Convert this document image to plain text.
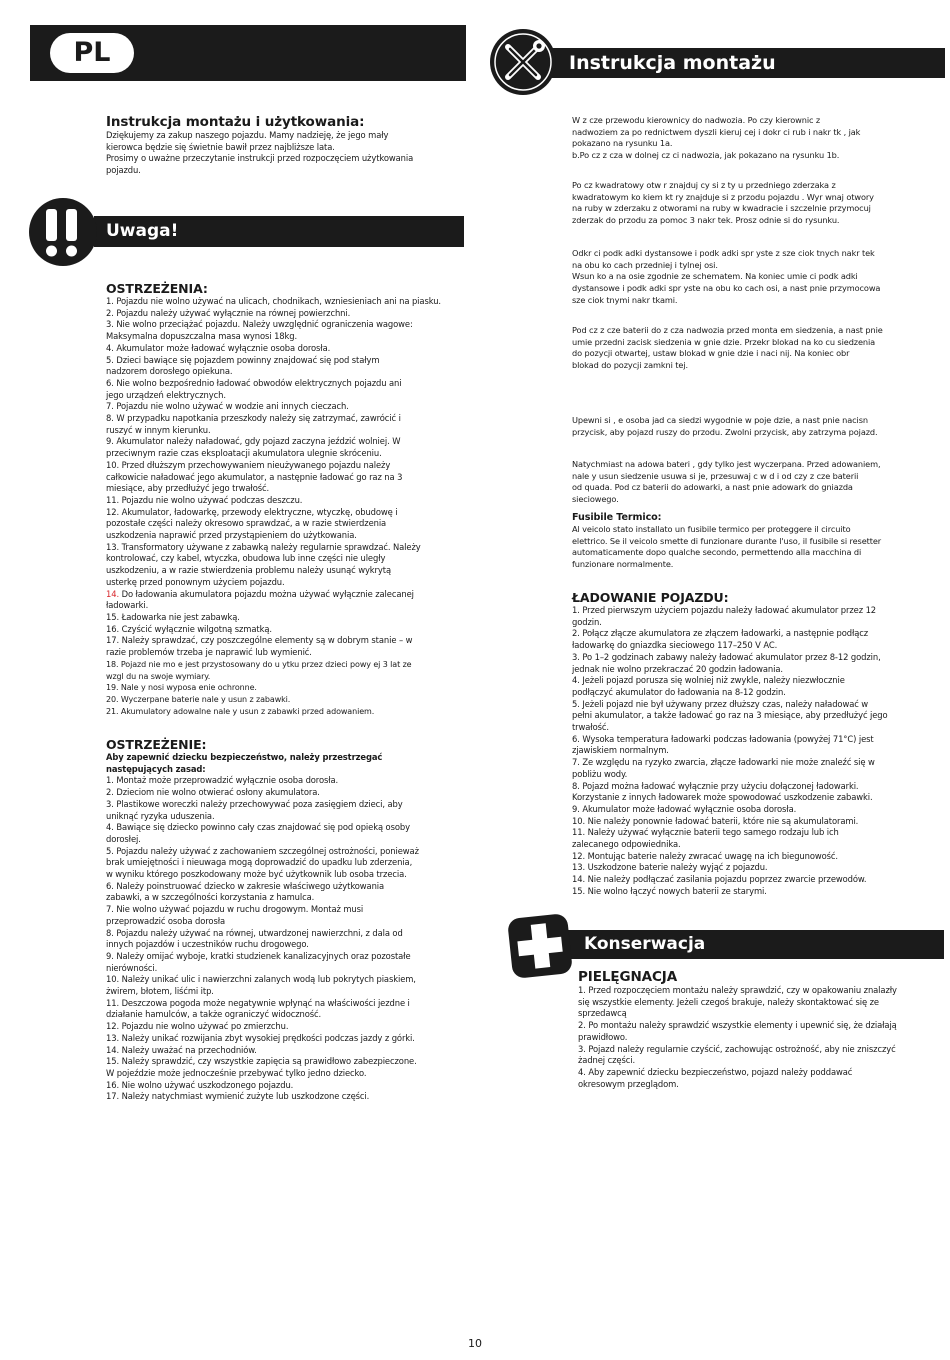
PL	Instrukcja montażu

Instrukcja montażu i użytkowania:

Dziękujemy za zakup naszego pojazdu. Mamy nadzieję, że jego mały

kierowca będzie się świetnie bawił przez najbliższe lata.

Prosimy o uważne przeczytanie instrukcji przed rozpoczęciem użytkowania

pojazdu.

Uwaga!

OSTRZEŻENIA:

1. Pojazdu nie wolno używać na ulicach, chodnikach, wzniesieniach ani na piasku.

2. Pojazdu należy używać wyłącznie na równej powierzchni.

3. Nie wolno przeciążać pojazdu. Należy uwzględnić ograniczenia wagowe:

Maksymalna dopuszczalna masa wynosi 18kg.

4. Akumulator może ładować wyłącznie osoba dorosła.

5. Dzieci bawiące się pojazdem powinny znajdować się pod stałym

nadzorem dorosłego opiekuna.

6. Nie wolno bezpośrednio ładować obwodów elektrycznych pojazdu ani

jego urządzeń elektrycznych.

7. Pojazdu nie wolno używać w wodzie ani innych cieczach.

8. W przypadku napotkania przeszkody należy się zatrzymać, zawrócić i

ruszyć w innym kierunku.

9. Akumulator należy naładować, gdy pojazd zaczyna jeździć wolniej. W

przeciwnym razie czas eksploatacji akumulatora ulegnie skróceniu.

10. Przed dłuższym przechowywaniem nieużywanego pojazdu należy

całkowicie naładować jego akumulator, a następnie ładować go raz na 3

miesiące, aby przedłużyć jego trwałość.

11. Pojazdu nie wolno używać podczas deszczu.

12. Akumulator, ładowarkę, przewody elektryczne, wtyczkę, obudowę i

pozostałe części należy okresowo sprawdzać, a w razie stwierdzenia

uszkodzenia naprawić przed przystąpieniem do użytkowania.

13. Transformatory używane z zabawką należy regularnie sprawdzać. Należy

kontrolować, czy kabel, wtyczka, obudowa lub inne części nie uległy

uszkodzeniu, a w razie stwierdzenia problemu należy usunąć wykrytą

usterkę przed ponownym użyciem pojazdu.

14. Do ładowania akumulatora pojazdu można używać wyłącznie zalecanej

ładowarki.

15. Ładowarka nie jest zabawką.

16. Czyścić wyłącznie wilgotną szmatką.

17. Należy sprawdzać, czy poszczególne elementy są w dobrym stanie – w

razie problemów trzeba je naprawić lub wymienić.

18. Pojazd nie mo e jest przystosowany do u ytku przez dzieci powy ej 3 lat ze

wzgl du na swoje wymiary.

19. Nale y nosi wyposa enie ochronne.

20. Wyczerpane baterie nale y usun z zabawki.

21. Akumulatory adowalne nale y usun z zabawki przed adowaniem.

OSTRZEŻENIE:

Aby zapewnić dziecku bezpieczeństwo, należy przestrzegać

następujących zasad:

1. Montaż może przeprowadzić wyłącznie osoba dorosła.

2. Dzieciom nie wolno otwierać osłony akumulatora.

3. Plastikowe woreczki należy przechowywać poza zasięgiem dzieci, aby

uniknąć ryzyka uduszenia.

4. Bawiące się dziecko powinno cały czas znajdować się pod opieką osoby

dorosłej.

5. Pojazdu należy używać z zachowaniem szczególnej ostrożności, ponieważ

brak umiejętności i nieuwaga mogą doprowadzić do upadku lub zderzenia,

w wyniku którego poszkodowany może być użytkownik lub osoba trzecia.

6. Należy poinstruować dziecko w zakresie właściwego użytkowania

zabawki, a w szczególności korzystania z hamulca.

7. Nie wolno używać pojazdu w ruchu drogowym. Montaż musi

przeprowadzić osoba dorosła

8. Pojazdu należy używać na równej, utwardzonej nawierzchni, z dala od

innych pojazdów i uczestników ruchu drogowego.

9. Należy omijać wyboje, kratki studzienek kanalizacyjnych oraz pozostałe

nierówności.

10. Należy unikać ulic i nawierzchni zalanych wodą lub pokrytych piaskiem,

żwirem, błotem, liśćmi itp.

11. Deszczowa pogoda może negatywnie wpłynąć na właściwości jezdne i

działanie hamulców, a także ograniczyć widoczność.

12. Pojazdu nie wolno używać po zmierzchu.

13. Należy unikać rozwijania zbyt wysokiej prędkości podczas jazdy z górki.

14. Należy uważać na przechodniów.

15. Należy sprawdzić, czy wszystkie zapięcia są prawidłowo zabezpieczone.

W pojeździe może jednocześnie przebywać tylko jedno dziecko.

16. Nie wolno używać uszkodzonego pojazdu.

17. Należy natychmiast wymienić zużyte lub uszkodzone części.

W z cze przewodu kierownicy do nadwozia. Po czy kierownic z

nadwoziem za po rednictwem dyszli kieruj cej i dokr ci rub i nakr tk , jak

pokazano na rysunku 1a.

b.Po cz z cza w dolnej cz ci nadwozia, jak pokazano na rysunku 1b.

Po cz kwadratowy otw r znajduj cy si z ty u przedniego zderzaka z

kwadratowym ko kiem kt ry znajduje si z przodu pojazdu . Wyr wnaj otwory

na ruby w zderzaku z otworami na ruby w kwadracie i szczelnie przymocuj

zderzak do przodu za pomoc 3 nakr tek. Prosz odnie si do rysunku.

Odkr ci podk adki dystansowe i podk adki spr yste z sze ciok tnych nakr tek

na obu ko cach przedniej i tylnej osi.

Wsun ko a na osie zgodnie ze schematem. Na koniec umie ci podk adki

dystansowe i podk adki spr yste na obu ko cach osi, a nast pnie przymocowa

sze ciok tnymi nakr tkami.

Pod cz z cze baterii do z cza nadwozia przed monta em siedzenia, a nast pnie

umie przedni zacisk siedzenia w gnie dzie. Przekr blokad na ko cu siedzenia

do pozycji otwartej, ustaw blokad w gnie dzie i naci nij. Na koniec obr

blokad do pozycji zamkni tej.

Upewni si , e osoba jad ca siedzi wygodnie w poje dzie, a nast pnie nacisn

przycisk, aby pojazd ruszy do przodu. Zwolni przycisk, aby zatrzyma pojazd.

Natychmiast na adowa bateri , gdy tylko jest wyczerpana. Przed adowaniem,

nale y usun siedzenie usuwa si je, przesuwaj c w d i od czy z cze baterii

od quada. Pod cz baterii do adowarki, a nast pnie adowark do gniazda

sieciowego.

Fusibile Termico:

Al veicolo stato installato un fusibile termico per proteggere il circuito

elettrico. Se il veicolo smette di funzionare durante l'uso, il fusibile si resetter

automaticamente dopo qualche secondo, permettendo alla macchina di

funzionare normalmente.

ŁADOWANIE POJAZDU:

1. Przed pierwszym użyciem pojazdu należy ładować akumulator przez 12

godzin.

2. Połącz złącze akumulatora ze złączem ładowarki, a następnie podłącz

ładowarkę do gniazdka sieciowego 117–250 V AC.

3. Po 1–2 godzinach zabawy należy ładować akumulator przez 8-12 godzin,

jednak nie wolno przekraczać 20 godzin ładowania.

4. Jeżeli pojazd porusza się wolniej niż zwykle, należy niezwłocznie

podłączyć akumulator do ładowania na 8-12 godzin.

5. Jeżeli pojazd nie był używany przez dłuższy czas, należy naładować w

pełni akumulator, a także ładować go raz na 3 miesiące, aby przedłużyć jego

trwałość.

6. Wysoka temperatura ładowarki podczas ładowania (powyżej 71°C) jest

zjawiskiem normalnym.

7. Ze względu na ryzyko zwarcia, złącze ładowarki nie może znaleźć się w

pobliżu wody.

8. Pojazd można ładować wyłącznie przy użyciu dołączonej ładowarki.

Korzystanie z innych ładowarek może spowodować uszkodzenie zabawki.

9. Akumulator może ładować wyłącznie osoba dorosła.

10. Nie należy ponownie ładować baterii, które nie są akumulatorami.

11. Należy używać wyłącznie baterii tego samego rodzaju lub ich

zalecanego odpowiednika.

12. Montując baterie należy zwracać uwagę na ich biegunowość.

13. Uszkodzone baterie należy wyjąć z pojazdu.

14. Nie należy podłączać zasilania pojazdu poprzez zwarcie przewodów.

15. Nie wolno łączyć nowych baterii ze starymi.

Konserwacja

PIELĘGNACJA

1. Przed rozpoczęciem montażu należy sprawdzić, czy w opakowaniu znalazły

się wszystkie elementy. Jeżeli czegoś brakuje, należy skontaktować się ze

sprzedawcą

2. Po montażu należy sprawdzić wszystkie elementy i upewnić się, że działają

prawidłowo.

3. Pojazd należy regularnie czyścić, zachowując ostrożność, aby nie zniszczyć

żadnej części.

4. Aby zapewnić dziecku bezpieczeństwo, pojazd należy poddawać

okresowym przeglądom.

10
